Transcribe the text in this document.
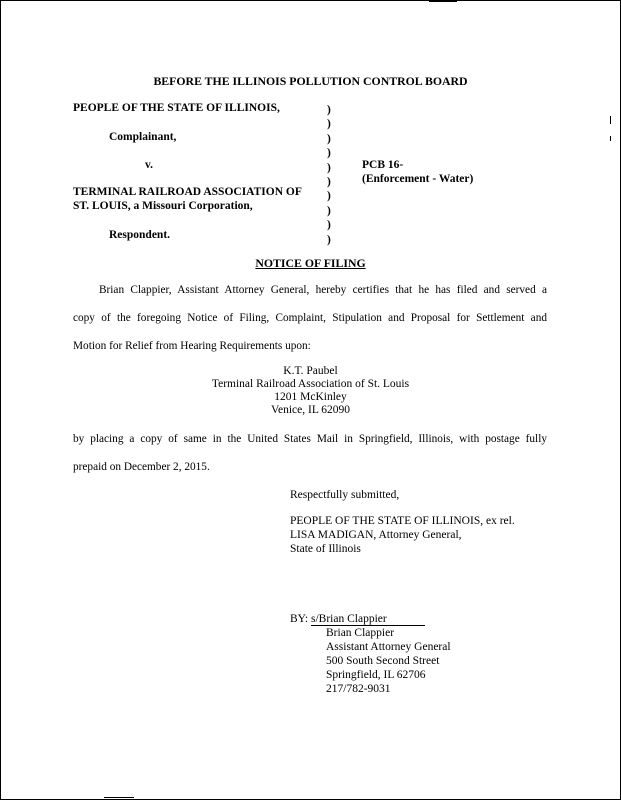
BEFORE THE ILLINOIS POLLUTION CONTROL BOARD
PEOPLE OF THE STATE OF ILLINOIS,
Complainant,
v.
TERMINAL RAILROAD ASSOCIATION OF
ST. LOUIS, a Missouri Corporation,
Respondent.
)
)
)
)
)
)
)
)
)
)
PCB 16-
(Enforcement - Water)
NOTICE OF FILING
Brian Clappier, Assistant Attorney General, hereby certifies that he has filed and served a
copy of the foregoing Notice of Filing, Complaint, Stipulation and Proposal for Settlement and
Motion for Relief from Hearing Requirements upon:
K.T. Paubel
Terminal Railroad Association of St. Louis
1201 McKinley
Venice, IL 62090
by placing a copy of same in the United States Mail in Springfield, Illinois, with postage fully
prepaid on December 2, 2015.
Respectfully submitted,
PEOPLE OF THE STATE OF ILLINOIS, ex rel.
LISA MADIGAN, Attorney General,
State of Illinois
BY: s/Brian Clappier
Brian Clappier
Assistant Attorney General
500 South Second Street
Springfield, IL 62706
217/782-9031
